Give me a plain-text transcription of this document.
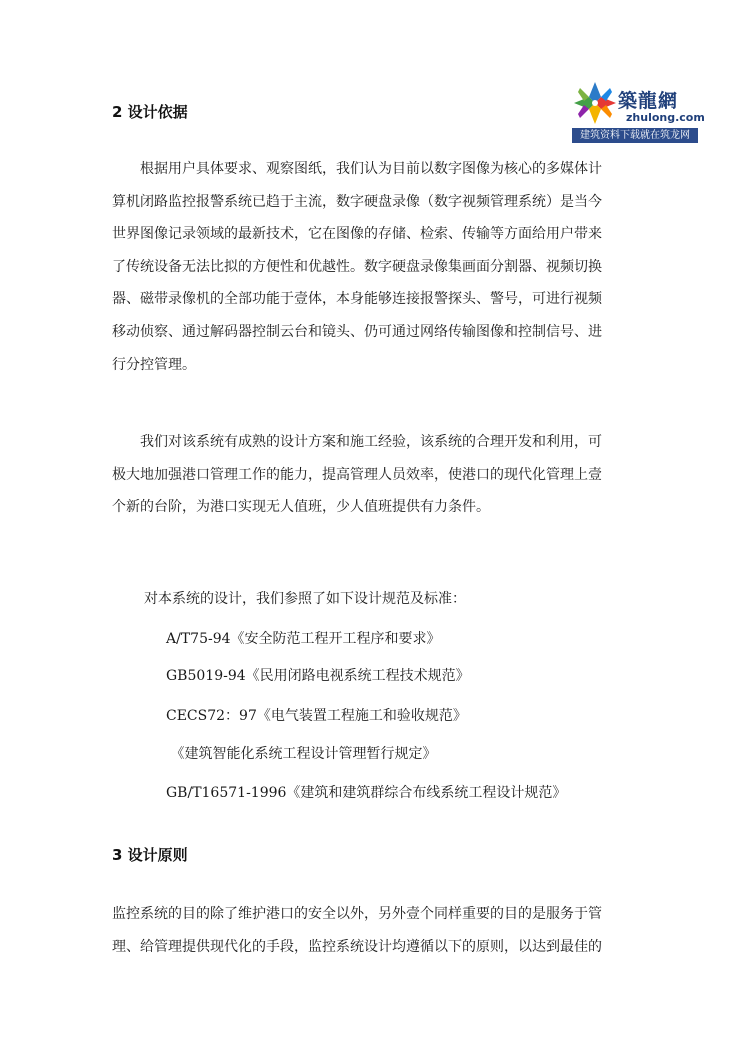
築龍網
zhulong.com
建筑资料下载就在筑龙网
2 设计依据
根据用户具体要求、观察图纸，我们认为目前以数字图像为核心的多媒体计
算机闭路监控报警系统已趋于主流，数字硬盘录像（数字视频管理系统）是当今
世界图像记录领域的最新技术，它在图像的存储、检索、传输等方面给用户带来
了传统设备无法比拟的方便性和优越性。数字硬盘录像集画面分割器、视频切换
器、磁带录像机的全部功能于壹体，本身能够连接报警探头、警号，可进行视频
移动侦察、通过解码器控制云台和镜头、仍可通过网络传输图像和控制信号、进
行分控管理。
我们对该系统有成熟的设计方案和施工经验，该系统的合理开发和利用，可
极大地加强港口管理工作的能力，提高管理人员效率，使港口的现代化管理上壹
个新的台阶，为港口实现无人值班，少人值班提供有力条件。
对本系统的设计，我们参照了如下设计规范及标准：
A/T75-94《安全防范工程开工程序和要求》
GB5019-94《民用闭路电视系统工程技术规范》
CECS72：97《电气装置工程施工和验收规范》
《建筑智能化系统工程设计管理暂行规定》
GB/T16571-1996《建筑和建筑群综合布线系统工程设计规范》
3 设计原则
监控系统的目的除了维护港口的安全以外，另外壹个同样重要的目的是服务于管
理、给管理提供现代化的手段，监控系统设计均遵循以下的原则，以达到最佳的
